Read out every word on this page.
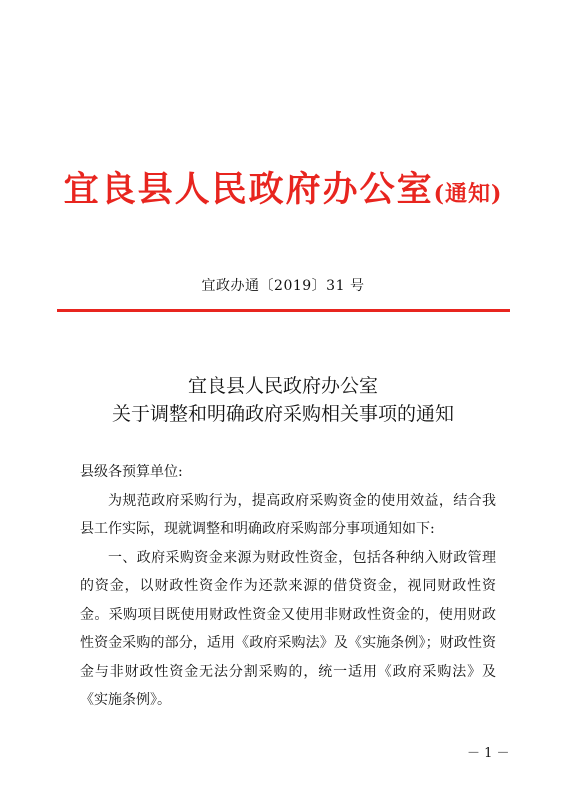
宜良县人民政府办公室(通知)
宜政办通〔2019〕31 号
宜良县人民政府办公室
关于调整和明确政府采购相关事项的通知

县级各预算单位:

为规范政府采购行为，提高政府采购资金的使用效益，结合我县工作实际，现就调整和明确政府采购部分事项通知如下:

一、政府采购资金来源为财政性资金，包括各种纳入财政管理的资金，以财政性资金作为还款来源的借贷资金，视同财政性资金。采购项目既使用财政性资金又使用非财政性资金的，使用财政性资金采购的部分，适用《政府采购法》及《实施条例》；财政性资金与非财政性资金无法分割采购的，统一适用《政府采购法》及《实施条例》。

－ 1 －
